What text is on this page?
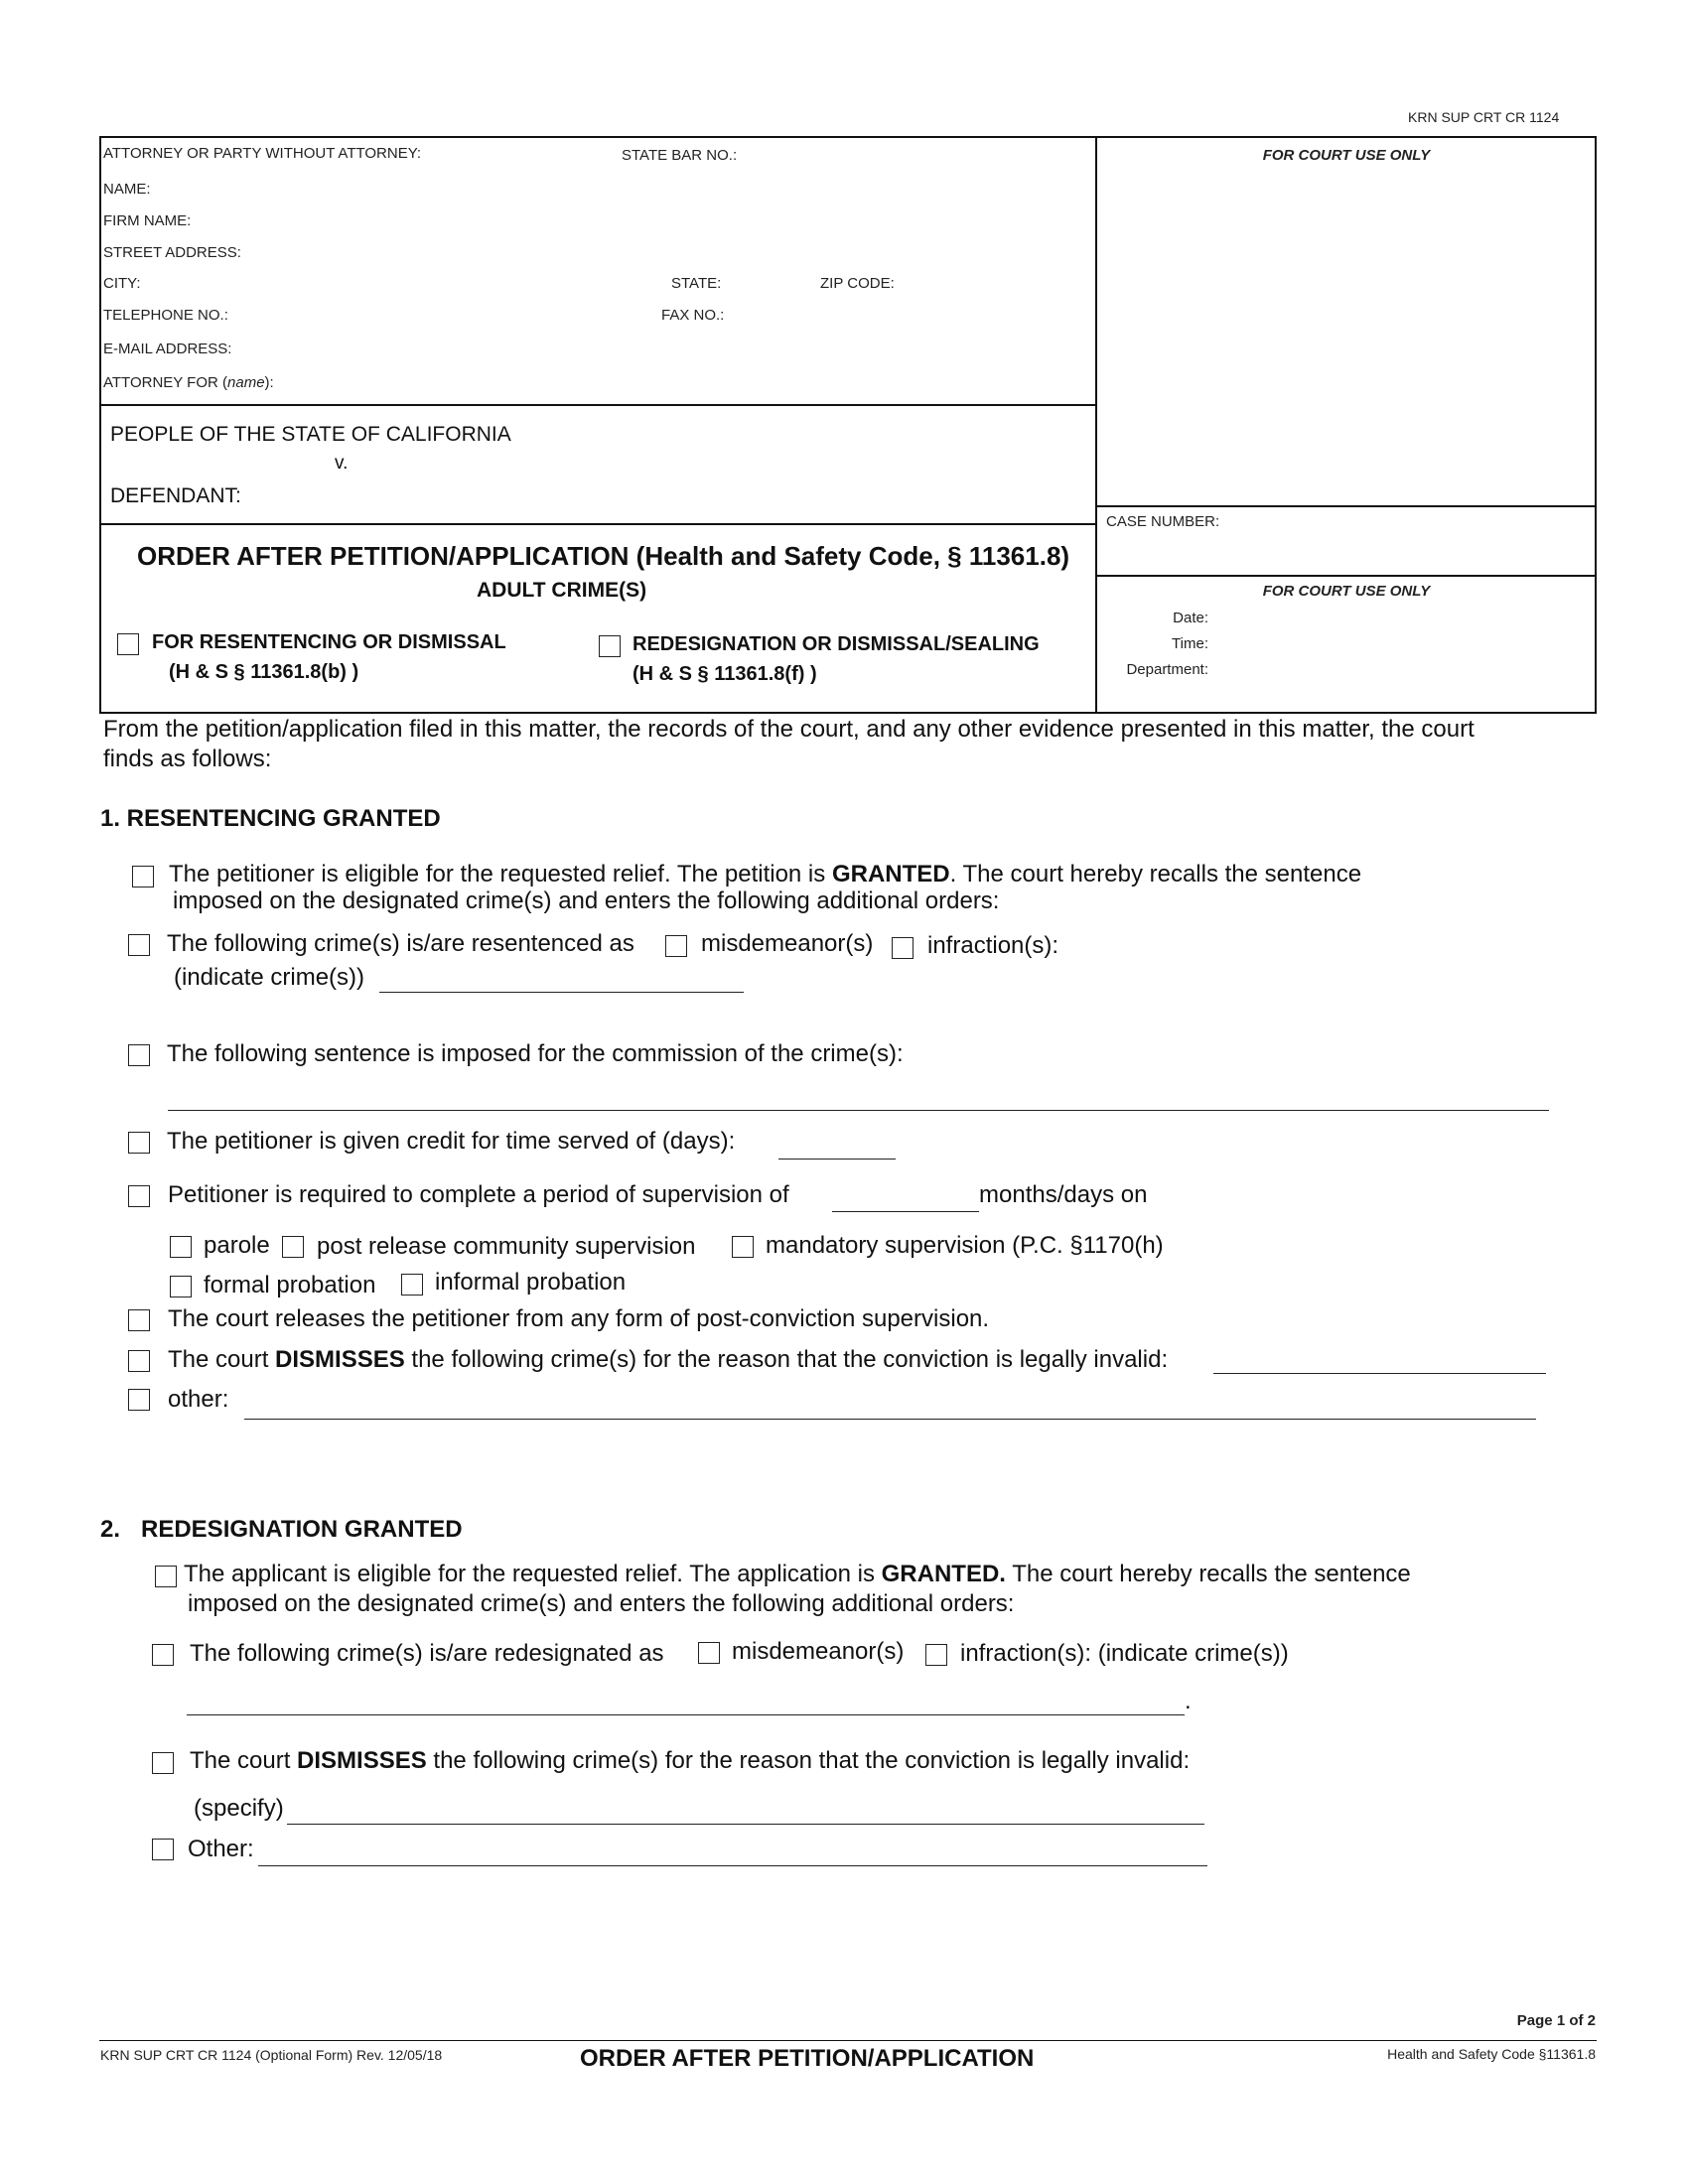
KRN SUP CRT CR 1124
ATTORNEY OR PARTY WITHOUT ATTORNEY:	STATE BAR NO.:
NAME:
FIRM NAME:
STREET ADDRESS:
CITY:	STATE:	ZIP CODE:
TELEPHONE NO.:	FAX NO.:
E-MAIL ADDRESS:
ATTORNEY FOR (name):
FOR COURT USE ONLY
PEOPLE OF THE STATE OF CALIFORNIA
v.
DEFENDANT:
CASE NUMBER:
FOR COURT USE ONLY
Date:
Time:
Department:
ORDER AFTER PETITION/APPLICATION (Health and Safety Code, § 11361.8)
ADULT CRIME(S)
FOR RESENTENCING OR DISMISSAL
(H & S § 11361.8(b) )
REDESIGNATION OR DISMISSAL/SEALING
(H & S § 11361.8(f) )
From the petition/application filed in this matter, the records of the court, and any other evidence presented in this matter, the court
finds as follows:
1. RESENTENCING GRANTED
The petitioner is eligible for the requested relief. The petition is GRANTED. The court hereby recalls the sentence
imposed on the designated crime(s) and enters the following additional orders:
The following crime(s) is/are resentenced as	misdemeanor(s) infraction(s):
(indicate crime(s))
The following sentence is imposed for the commission of the crime(s):
The petitioner is given credit for time served of (days):
Petitioner is required to complete a period of supervision of	months/days on
parole post release community supervision	mandatory supervision (P.C. §1170(h)
formal probation informal probation
The court releases the petitioner from any form of post-conviction supervision.
The court DISMISSES the following crime(s) for the reason that the conviction is legally invalid:
other:
2. REDESIGNATION GRANTED
The applicant is eligible for the requested relief. The application is GRANTED. The court hereby recalls the sentence
imposed on the designated crime(s) and enters the following additional orders:
The following crime(s) is/are redesignated as	misdemeanor(s) infraction(s): (indicate crime(s))
.
The court DISMISSES the following crime(s) for the reason that the conviction is legally invalid:
(specify)
Other:
Page 1 of 2
KRN SUP CRT CR 1124 (Optional Form) Rev. 12/05/18	ORDER AFTER PETITION/APPLICATION	Health and Safety Code §11361.8
